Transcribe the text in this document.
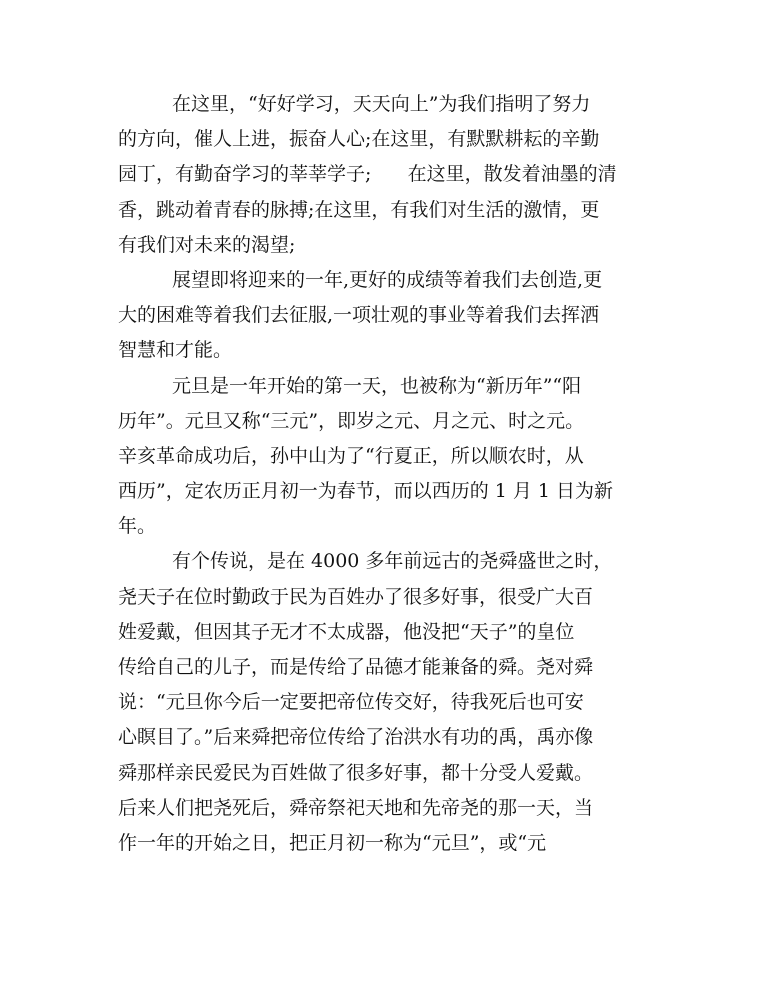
在这里，“好好学习，天天向上”为我们指明了努力
的方向，催人上进，振奋人心;在这里，有默默耕耘的辛勤
园丁，有勤奋学习的莘莘学子;      在这里，散发着油墨的清
香，跳动着青春的脉搏;在这里，有我们对生活的激情，更
有我们对未来的渴望;
展望即将迎来的一年,更好的成绩等着我们去创造,更
大的困难等着我们去征服,一项壮观的事业等着我们去挥洒
智慧和才能。
元旦是一年开始的第一天，也被称为“新历年”“阳
历年”。元旦又称“三元”，即岁之元、月之元、时之元。
辛亥革命成功后，孙中山为了“行夏正，所以顺农时，从
西历”，定农历正月初一为春节，而以西历的 1 月 1 日为新
年。
有个传说，是在 4000 多年前远古的尧舜盛世之时，
尧天子在位时勤政于民为百姓办了很多好事，很受广大百
姓爱戴，但因其子无才不太成器，他没把“天子”的皇位
传给自己的儿子，而是传给了品德才能兼备的舜。尧对舜
说：“元旦你今后一定要把帝位传交好，待我死后也可安
心瞑目了。”后来舜把帝位传给了治洪水有功的禹，禹亦像
舜那样亲民爱民为百姓做了很多好事，都十分受人爱戴。
后来人们把尧死后，舜帝祭祀天地和先帝尧的那一天，当
作一年的开始之日，把正月初一称为“元旦”，或“元
